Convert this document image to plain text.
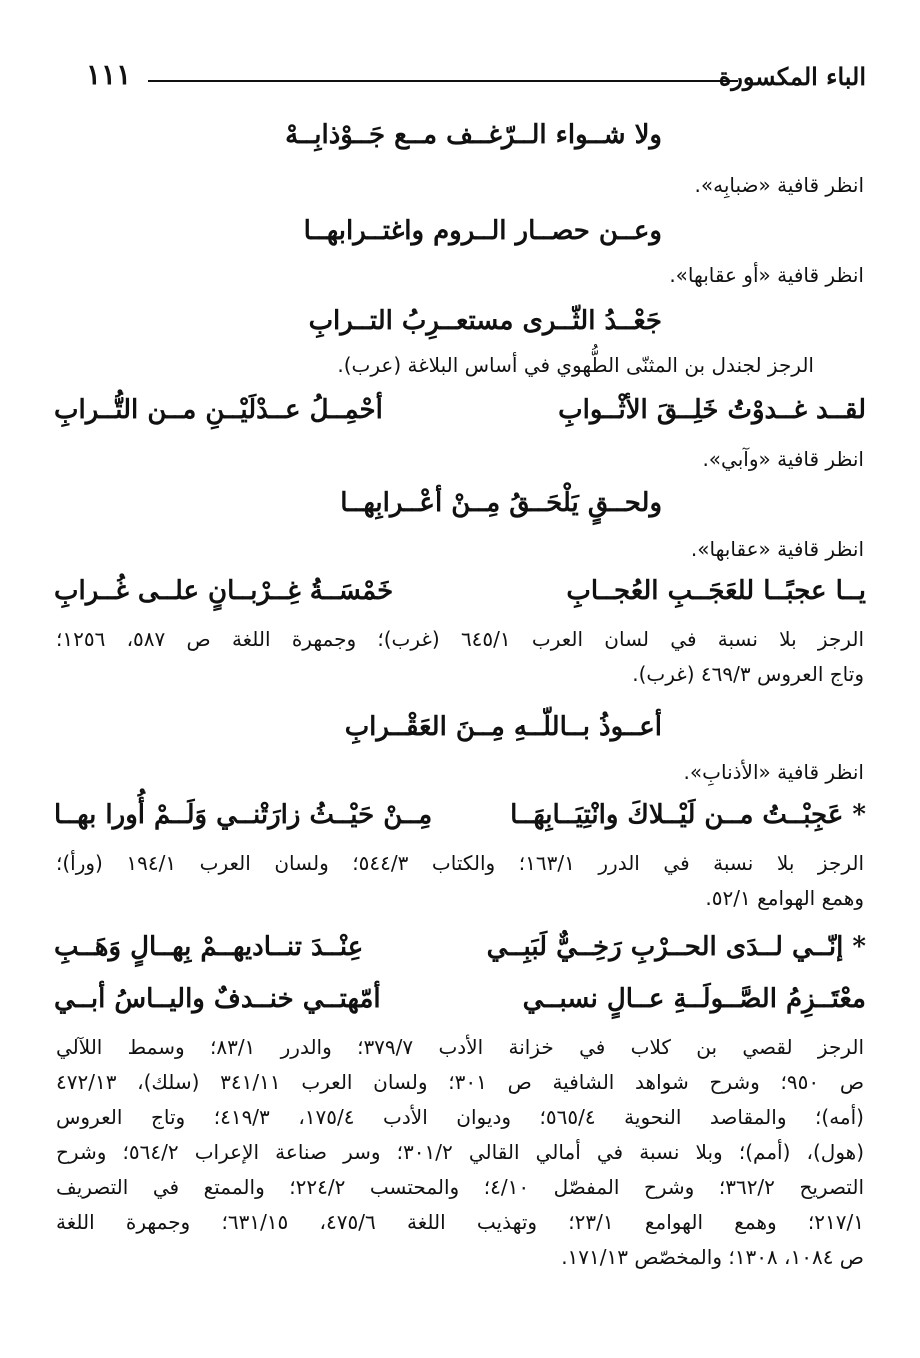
الباء المكسورة
١١١
ولا شــواء الــرّغــف مــع جَــوْذابِــهْ
انظر قافية «ضبابِه».
وعــن حصــار الــروم واغتــرابهــا
انظر قافية «أو عقابها».
جَعْــدُ الثّــرى مستعــرِبُ التــرابِ
الرجز لجندل بن المثنّى الطُّهوي في أساس البلاغة (عرب).
لقــد غــدوْتُ خَلِــقَ الأثْــوابِ
أحْمِــلُ عــدْلَيْــنِ مــن التُّــرابِ
انظر قافية «وآبي».
ولحــقٍ يَلْحَــقُ مِــنْ أعْــرابِهــا
انظر قافية «عقابها».
يــا عجبًــا للعَجَــبِ العُجــابِ
خَمْسَــةُ غِــرْبــانٍ علــى غُــرابِ
الرجز بلا نسبة في لسان العرب ٦٤٥/١ (غرب)؛ وجمهرة اللغة ص ٥٨٧، ١٢٥٦؛
وتاج العروس ٤٦٩/٣ (غرب).
أعــوذُ بــاللّــهِ مِــنَ العَقْــرابِ
انظر قافية «الأذنابِ».
* عَجِبْــتُ مــن لَيْــلاكَ وانْتِيَــابِهَــا
مِــنْ حَيْــثُ زارَتْنــي وَلَــمْ أُورا بهــا
الرجز بلا نسبة في الدرر ١٦٣/١؛ والكتاب ٥٤٤/٣؛ ولسان العرب ١٩٤/١ (ورأ)؛
وهمع الهوامع ٥٢/١.
* إنّــي لــدَى الحــرْبِ رَخِــيٌّ لَبَبِــي
عِنْــدَ تنــاديهــمْ بِهــالٍ وَهَــبِ
معْتَــزِمُ الصَّــولَــةِ عــالٍ نسبــي
أمّهتــي خنــدفٌ واليــاسُ أبــي
الرجز لقصي بن كلاب في خزانة الأدب ٣٧٩/٧؛ والدرر ٨٣/١؛ وسمط اللآلي
ص ٩٥٠؛ وشرح شواهد الشافية ص ٣٠١؛ ولسان العرب ٣٤١/١١ (سلك)، ٤٧٢/١٣
(أمه)؛ والمقاصد النحوية ٥٦٥/٤؛ وديوان الأدب ١٧٥/٤، ٤١٩/٣؛ وتاج العروس
(هول)، (أمم)؛ وبلا نسبة في أمالي القالي ٣٠١/٢؛ وسر صناعة الإعراب ٥٦٤/٢؛ وشرح
التصريح ٣٦٢/٢؛ وشرح المفصّل ٤/١٠؛ والمحتسب ٢٢٤/٢؛ والممتع في التصريف
٢١٧/١؛ وهمع الهوامع ٢٣/١؛ وتهذيب اللغة ٤٧٥/٦، ٦٣١/١٥؛ وجمهرة اللغة
ص ١٠٨٤، ١٣٠٨؛ والمخصّص ١٧١/١٣.
